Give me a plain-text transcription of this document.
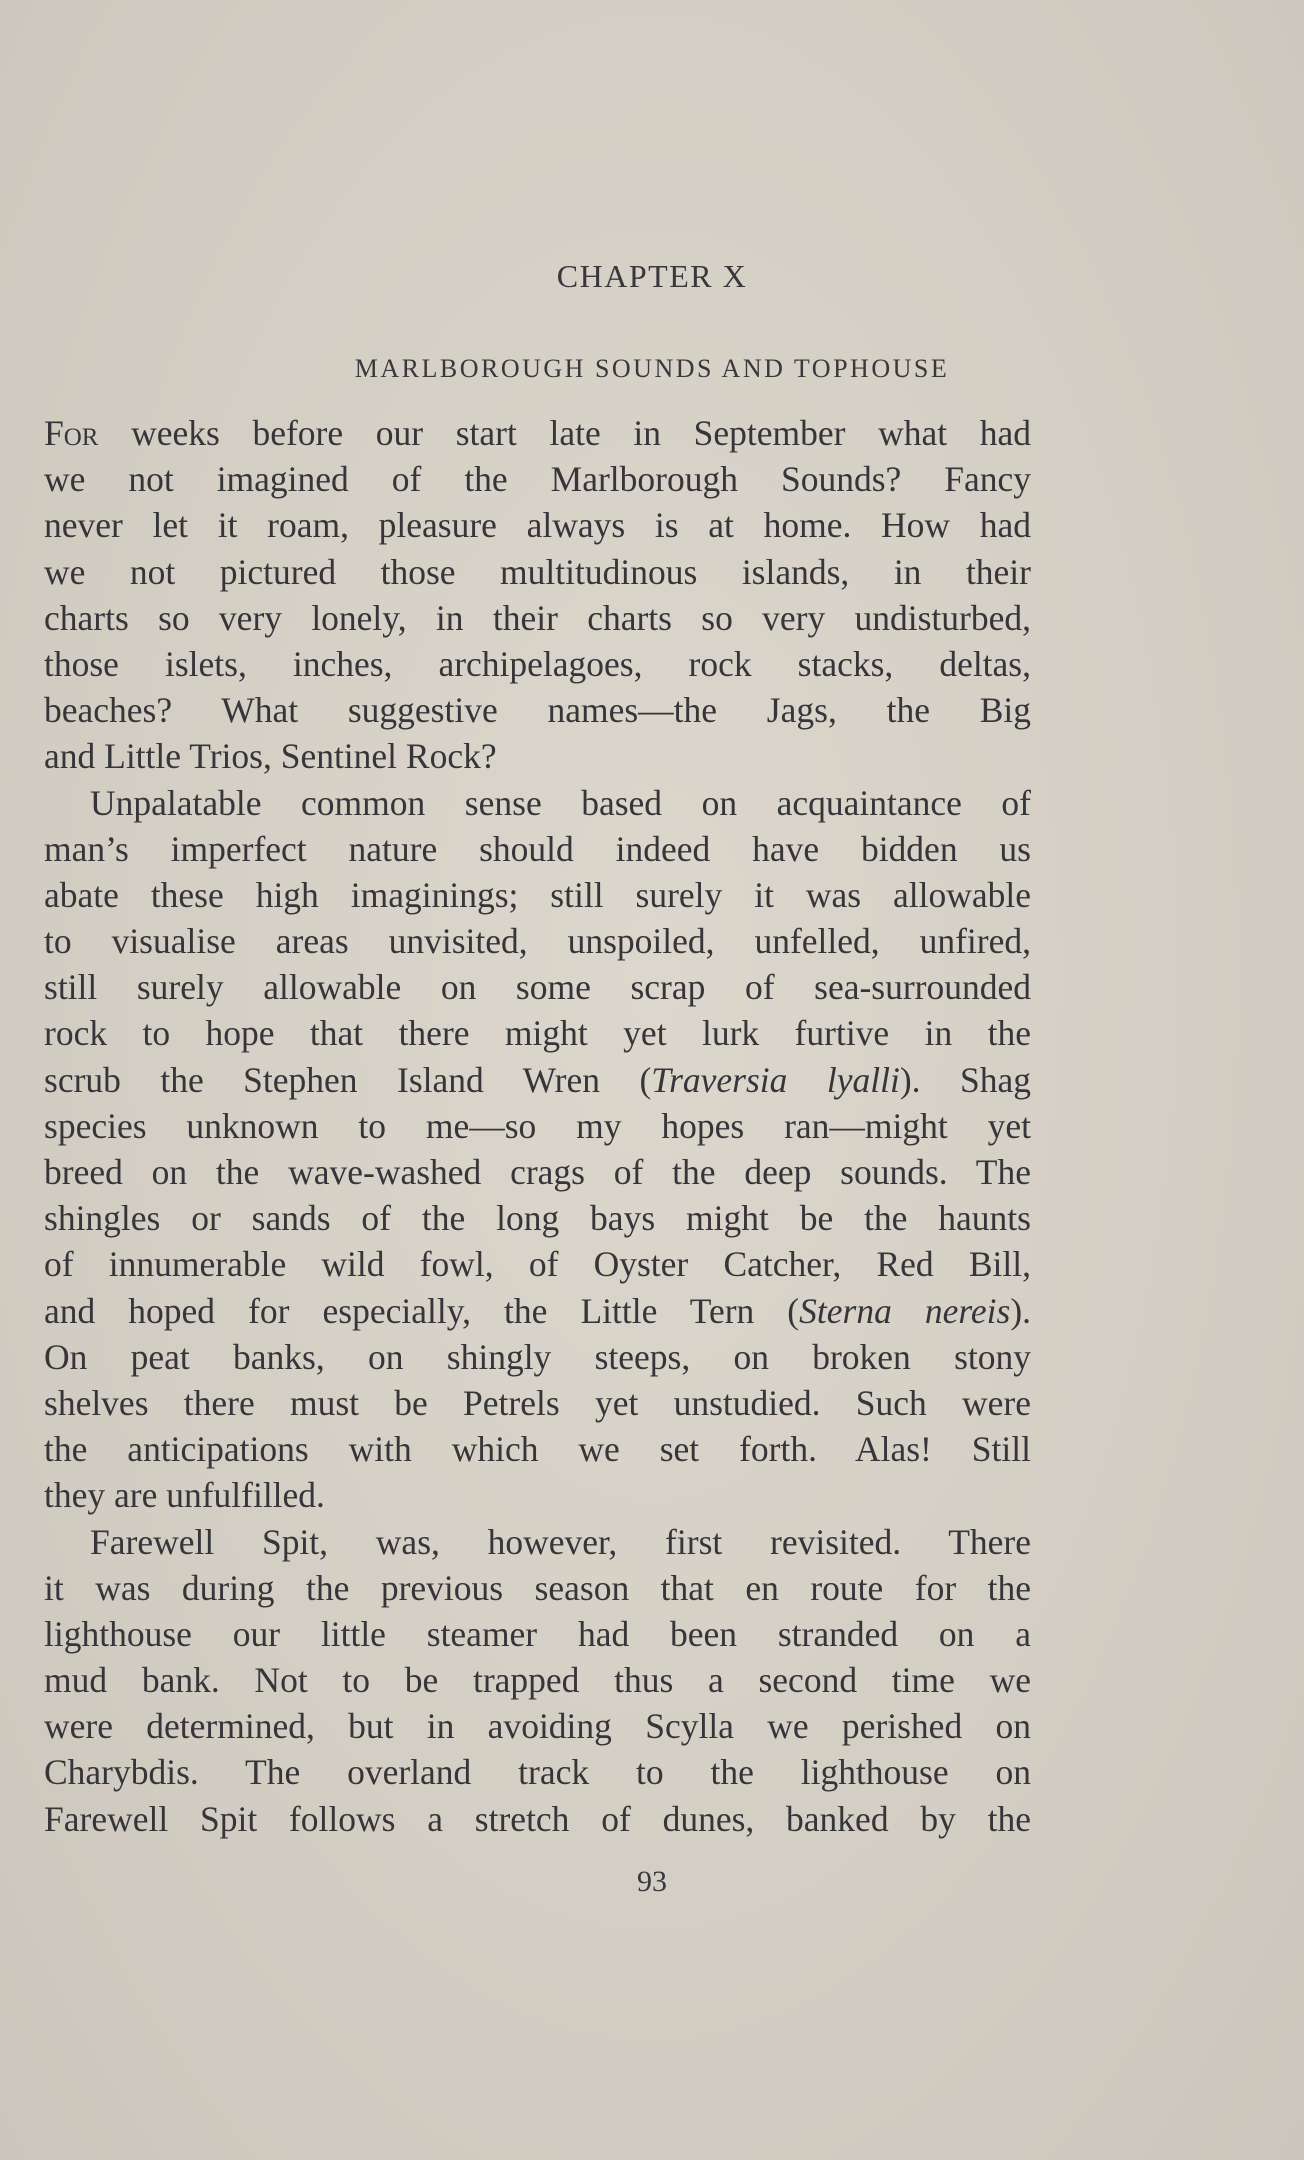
CHAPTER X
MARLBOROUGH SOUNDS AND TOPHOUSE
For weeks before our start late in September what had
we not imagined of the Marlborough Sounds? Fancy
never let it roam, pleasure always is at home. How had
we not pictured those multitudinous islands, in their
charts so very lonely, in their charts so very undisturbed,
those islets, inches, archipelagoes, rock stacks, deltas,
beaches? What suggestive names—the Jags, the Big
and Little Trios, Sentinel Rock?
Unpalatable common sense based on acquaintance of
man’s imperfect nature should indeed have bidden us
abate these high imaginings; still surely it was allowable
to visualise areas unvisited, unspoiled, unfelled, unfired,
still surely allowable on some scrap of sea-surrounded
rock to hope that there might yet lurk furtive in the
scrub the Stephen Island Wren (Traversia lyalli). Shag
species unknown to me—so my hopes ran—might yet
breed on the wave-washed crags of the deep sounds. The
shingles or sands of the long bays might be the haunts
of innumerable wild fowl, of Oyster Catcher, Red Bill,
and hoped for especially, the Little Tern (Sterna nereis).
On peat banks, on shingly steeps, on broken stony
shelves there must be Petrels yet unstudied. Such were
the anticipations with which we set forth. Alas! Still
they are unfulfilled.
Farewell Spit, was, however, first revisited. There
it was during the previous season that en route for the
lighthouse our little steamer had been stranded on a
mud bank. Not to be trapped thus a second time we
were determined, but in avoiding Scylla we perished on
Charybdis. The overland track to the lighthouse on
Farewell Spit follows a stretch of dunes, banked by the
93
